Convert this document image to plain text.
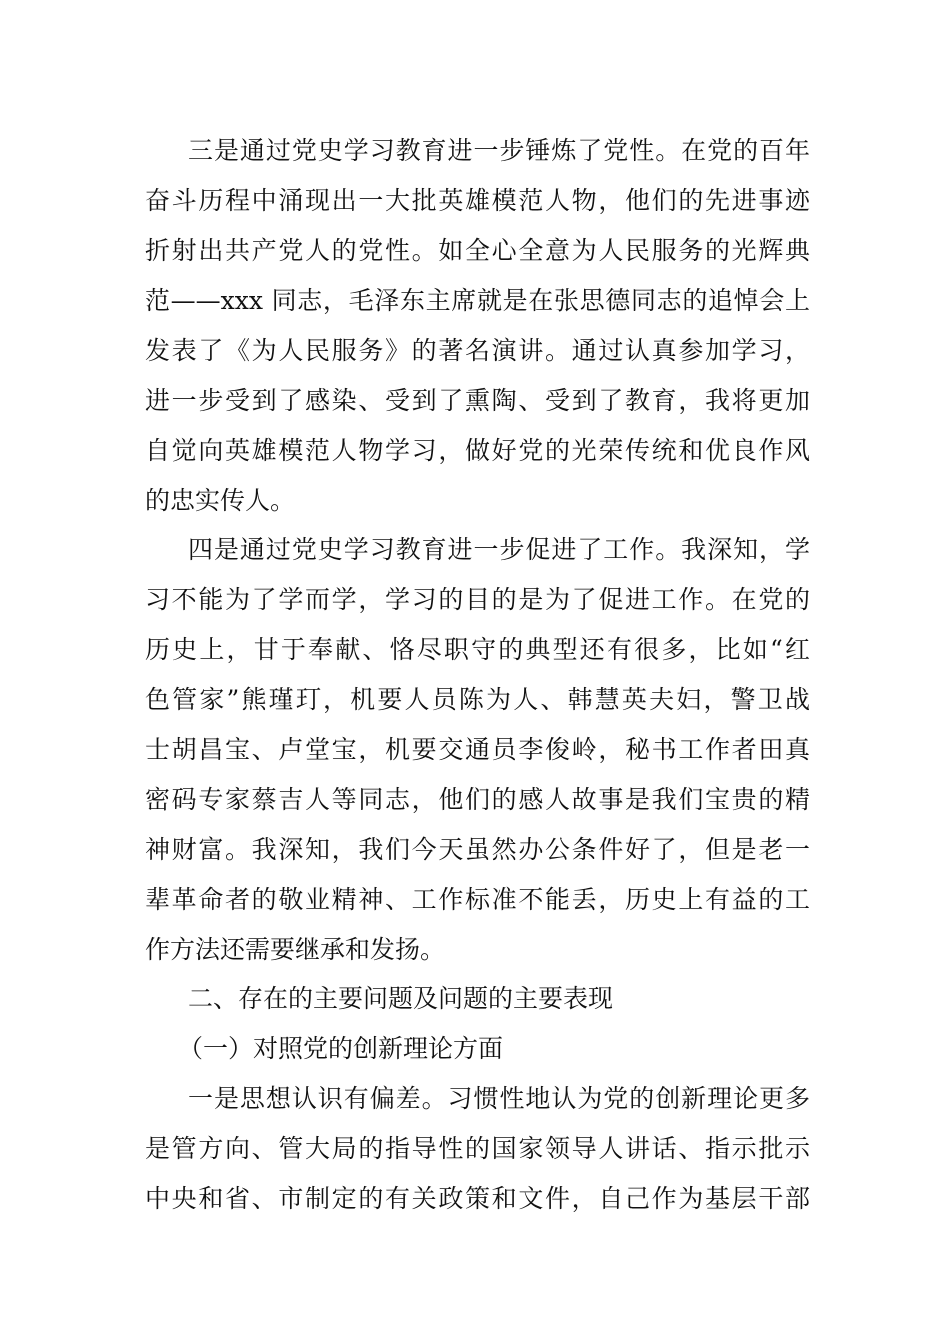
三是通过党史学习教育进一步锤炼了党性。在党的百年
奋斗历程中涌现出一大批英雄模范人物，他们的先进事迹
折射出共产党人的党性。如全心全意为人民服务的光辉典
范——xxx 同志，毛泽东主席就是在张思德同志的追悼会上
发表了《为人民服务》的著名演讲。通过认真参加学习，
进一步受到了感染、受到了熏陶、受到了教育，我将更加
自觉向英雄模范人物学习，做好党的光荣传统和优良作风
的忠实传人。
四是通过党史学习教育进一步促进了工作。我深知，学
习不能为了学而学，学习的目的是为了促进工作。在党的
历史上，甘于奉献、恪尽职守的典型还有很多，比如“红
色管家”熊瑾玎，机要人员陈为人、韩慧英夫妇，警卫战
士胡昌宝、卢堂宝，机要交通员李俊岭，秘书工作者田真
密码专家蔡吉人等同志，他们的感人故事是我们宝贵的精
神财富。我深知，我们今天虽然办公条件好了，但是老一
辈革命者的敬业精神、工作标准不能丢，历史上有益的工
作方法还需要继承和发扬。
二、存在的主要问题及问题的主要表现
（一）对照党的创新理论方面
一是思想认识有偏差。习惯性地认为党的创新理论更多
是管方向、管大局的指导性的国家领导人讲话、指示批示
中央和省、市制定的有关政策和文件，自己作为基层干部
